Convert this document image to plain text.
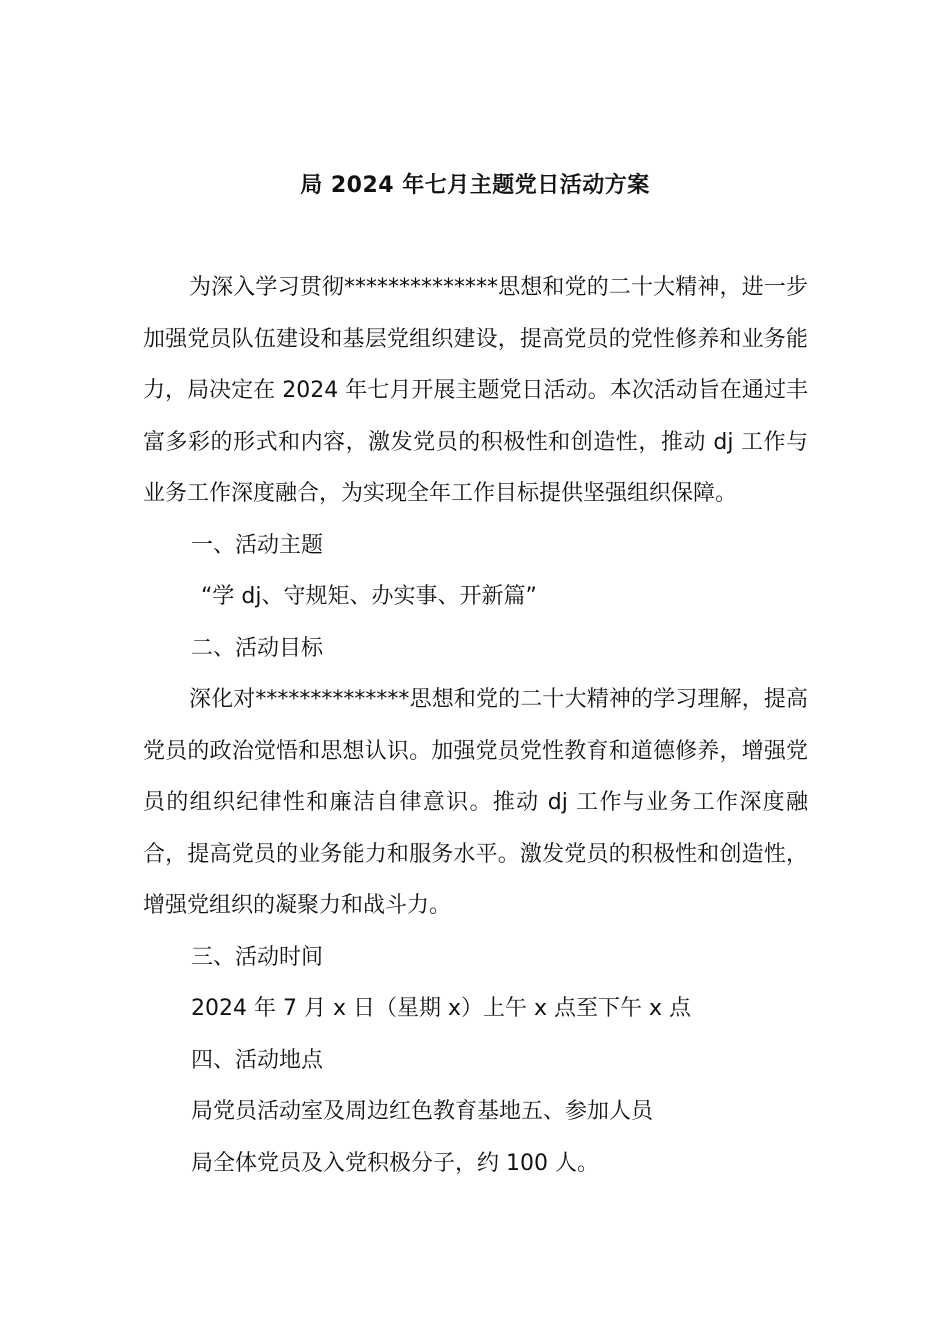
局 2024 年七月主题党日活动方案

为深入学习贯彻**************思想和党的二十大精神，进一步加强党员队伍建设和基层党组织建设，提高党员的党性修养和业务能力，局决定在 2024 年七月开展主题党日活动。本次活动旨在通过丰富多彩的形式和内容，激发党员的积极性和创造性，推动 dj 工作与业务工作深度融合，为实现全年工作目标提供坚强组织保障。

一、活动主题

“学 dj、守规矩、办实事、开新篇”

二、活动目标

深化对**************思想和党的二十大精神的学习理解，提高党员的政治觉悟和思想认识。加强党员党性教育和道德修养，增强党员的组织纪律性和廉洁自律意识。推动 dj 工作与业务工作深度融合，提高党员的业务能力和服务水平。激发党员的积极性和创造性，增强党组织的凝聚力和战斗力。

三、活动时间

2024 年 7 月 x 日（星期 x）上午 x 点至下午 x 点

四、活动地点

局党员活动室及周边红色教育基地五、参加人员

局全体党员及入党积极分子，约 100 人。
